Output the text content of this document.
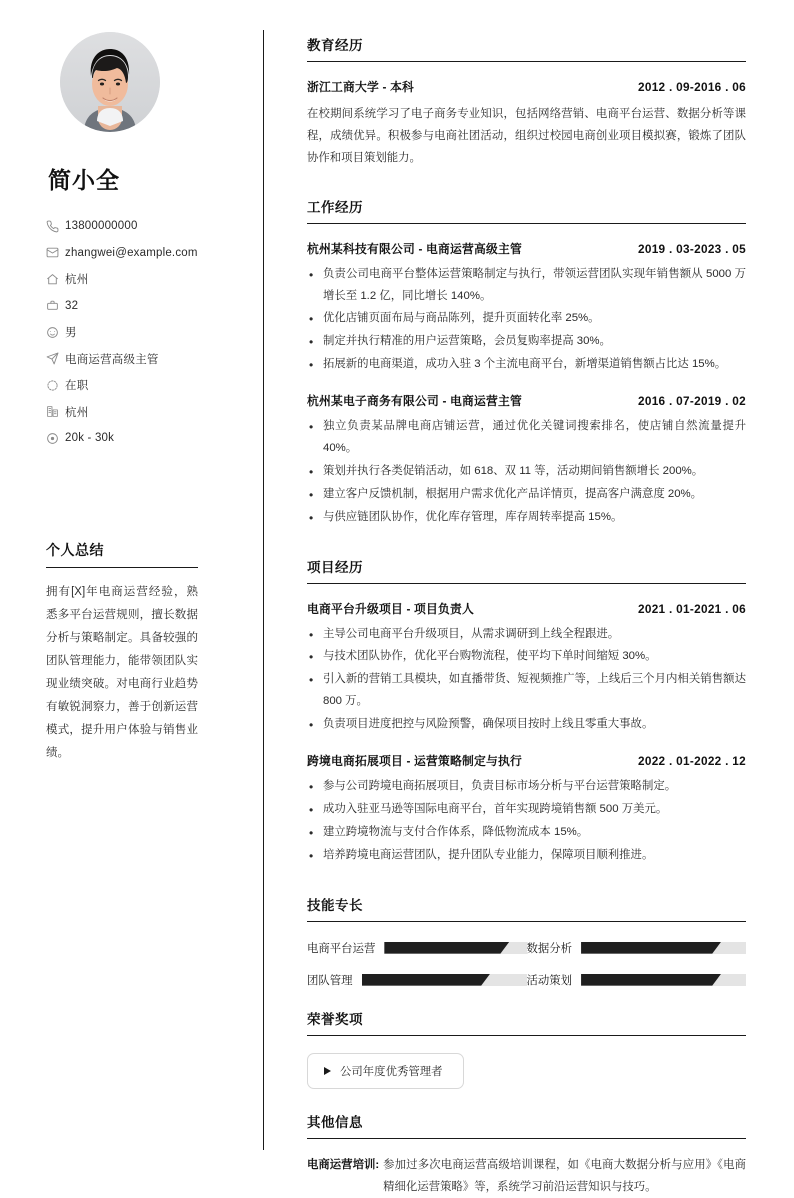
简小全
13800000000
zhangwei@example.com
杭州
32
男
电商运营高级主管
在职
杭州
20k - 30k
个人总结
拥有[X]年电商运营经验，熟悉多平台运营规则，擅长数据分析与策略制定。具备较强的团队管理能力，能带领团队实现业绩突破。对电商行业趋势有敏锐洞察力，善于创新运营模式，提升用户体验与销售业绩。
教育经历
浙江工商大学 - 本科	2012 . 09-2016 . 06
在校期间系统学习了电子商务专业知识，包括网络营销、电商平台运营、数据分析等课程，成绩优异。积极参与电商社团活动，组织过校园电商创业项目模拟赛，锻炼了团队协作和项目策划能力。
工作经历
杭州某科技有限公司 - 电商运营高级主管	2019 . 03-2023 . 05
• 负责公司电商平台整体运营策略制定与执行，带领运营团队实现年销售额从 5000 万增长至 1.2 亿，同比增长 140%。
• 优化店铺页面布局与商品陈列，提升页面转化率 25%。
• 制定并执行精准的用户运营策略，会员复购率提高 30%。
• 拓展新的电商渠道，成功入驻 3 个主流电商平台，新增渠道销售额占比达 15%。
杭州某电子商务有限公司 - 电商运营主管	2016 . 07-2019 . 02
• 独立负责某品牌电商店铺运营，通过优化关键词搜索排名，使店铺自然流量提升 40%。
• 策划并执行各类促销活动，如 618、双 11 等，活动期间销售额增长 200%。
• 建立客户反馈机制，根据用户需求优化产品详情页，提高客户满意度 20%。
• 与供应链团队协作，优化库存管理，库存周转率提高 15%。
项目经历
电商平台升级项目 - 项目负责人	2021 . 01-2021 . 06
• 主导公司电商平台升级项目，从需求调研到上线全程跟进。
• 与技术团队协作，优化平台购物流程，使平均下单时间缩短 30%。
• 引入新的营销工具模块，如直播带货、短视频推广等，上线后三个月内相关销售额达 800 万。
• 负责项目进度把控与风险预警，确保项目按时上线且零重大事故。
跨境电商拓展项目 - 运营策略制定与执行	2022 . 01-2022 . 12
• 参与公司跨境电商拓展项目，负责目标市场分析与平台运营策略制定。
• 成功入驻亚马逊等国际电商平台，首年实现跨境销售额 500 万美元。
• 建立跨境物流与支付合作体系，降低物流成本 15%。
• 培养跨境电商运营团队，提升团队专业能力，保障项目顺利推进。
技能专长
电商平台运营	数据分析
团队管理	活动策划
荣誉奖项
公司年度优秀管理者
其他信息
电商运营培训: 参加过多次电商运营高级培训课程，如《电商大数据分析与应用》《电商精细化运营策略》等，系统学习前沿运营知识与技巧。
